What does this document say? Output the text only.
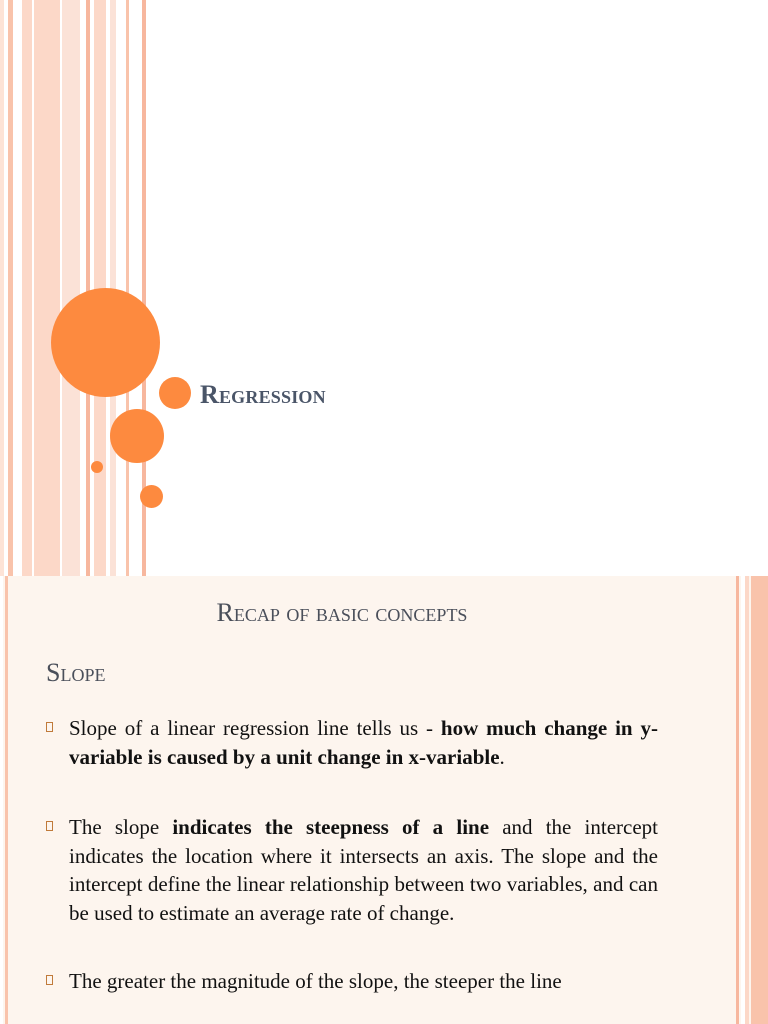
Regression
Recap of basic concepts
Slope
Slope of a linear regression line tells us - how much change in y-variable is caused by a unit change in x-variable.
The slope indicates the steepness of a line and the intercept indicates the location where it intersects an axis. The slope and the intercept define the linear relationship between two variables, and can be used to estimate an average rate of change.
The greater the magnitude of the slope, the steeper the line
